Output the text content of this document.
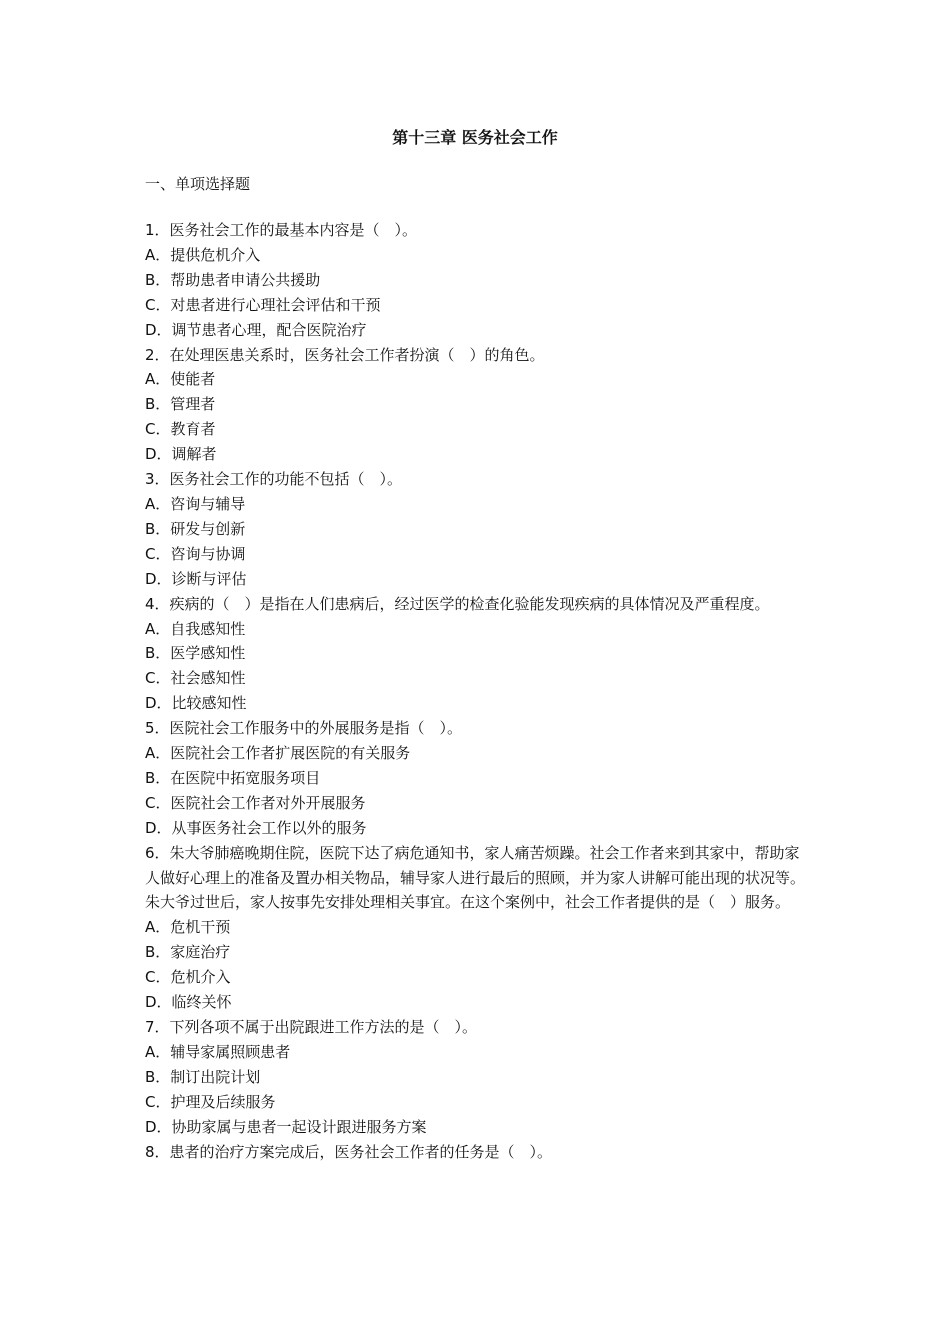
第十三章 医务社会工作
一、单项选择题

1．医务社会工作的最基本内容是（　）。

A．提供危机介入

B．帮助患者申请公共援助

C．对患者进行心理社会评估和干预

D．调节患者心理，配合医院治疗

2．在处理医患关系时，医务社会工作者扮演（　）的角色。

A．使能者

B．管理者

C．教育者

D．调解者

3．医务社会工作的功能不包括（　）。

A．咨询与辅导

B．研发与创新

C．咨询与协调

D．诊断与评估

4．疾病的（　）是指在人们患病后，经过医学的检查化验能发现疾病的具体情况及严重程度。

A．自我感知性

B．医学感知性

C．社会感知性

D．比较感知性

5．医院社会工作服务中的外展服务是指（　）。

A．医院社会工作者扩展医院的有关服务

B．在医院中拓宽服务项目

C．医院社会工作者对外开展服务

D．从事医务社会工作以外的服务

6．朱大爷肺癌晚期住院，医院下达了病危通知书，家人痛苦烦躁。社会工作者来到其家中，帮助家人做好心理上的准备及置办相关物品，辅导家人进行最后的照顾，并为家人讲解可能出现的状况等。朱大爷过世后，家人按事先安排处理相关事宜。在这个案例中，社会工作者提供的是（　）服务。

A．危机干预

B．家庭治疗

C．危机介入

D．临终关怀

7．下列各项不属于出院跟进工作方法的是（　）。

A．辅导家属照顾患者

B．制订出院计划

C．护理及后续服务

D．协助家属与患者一起设计跟进服务方案

8．患者的治疗方案完成后，医务社会工作者的任务是（　）。
